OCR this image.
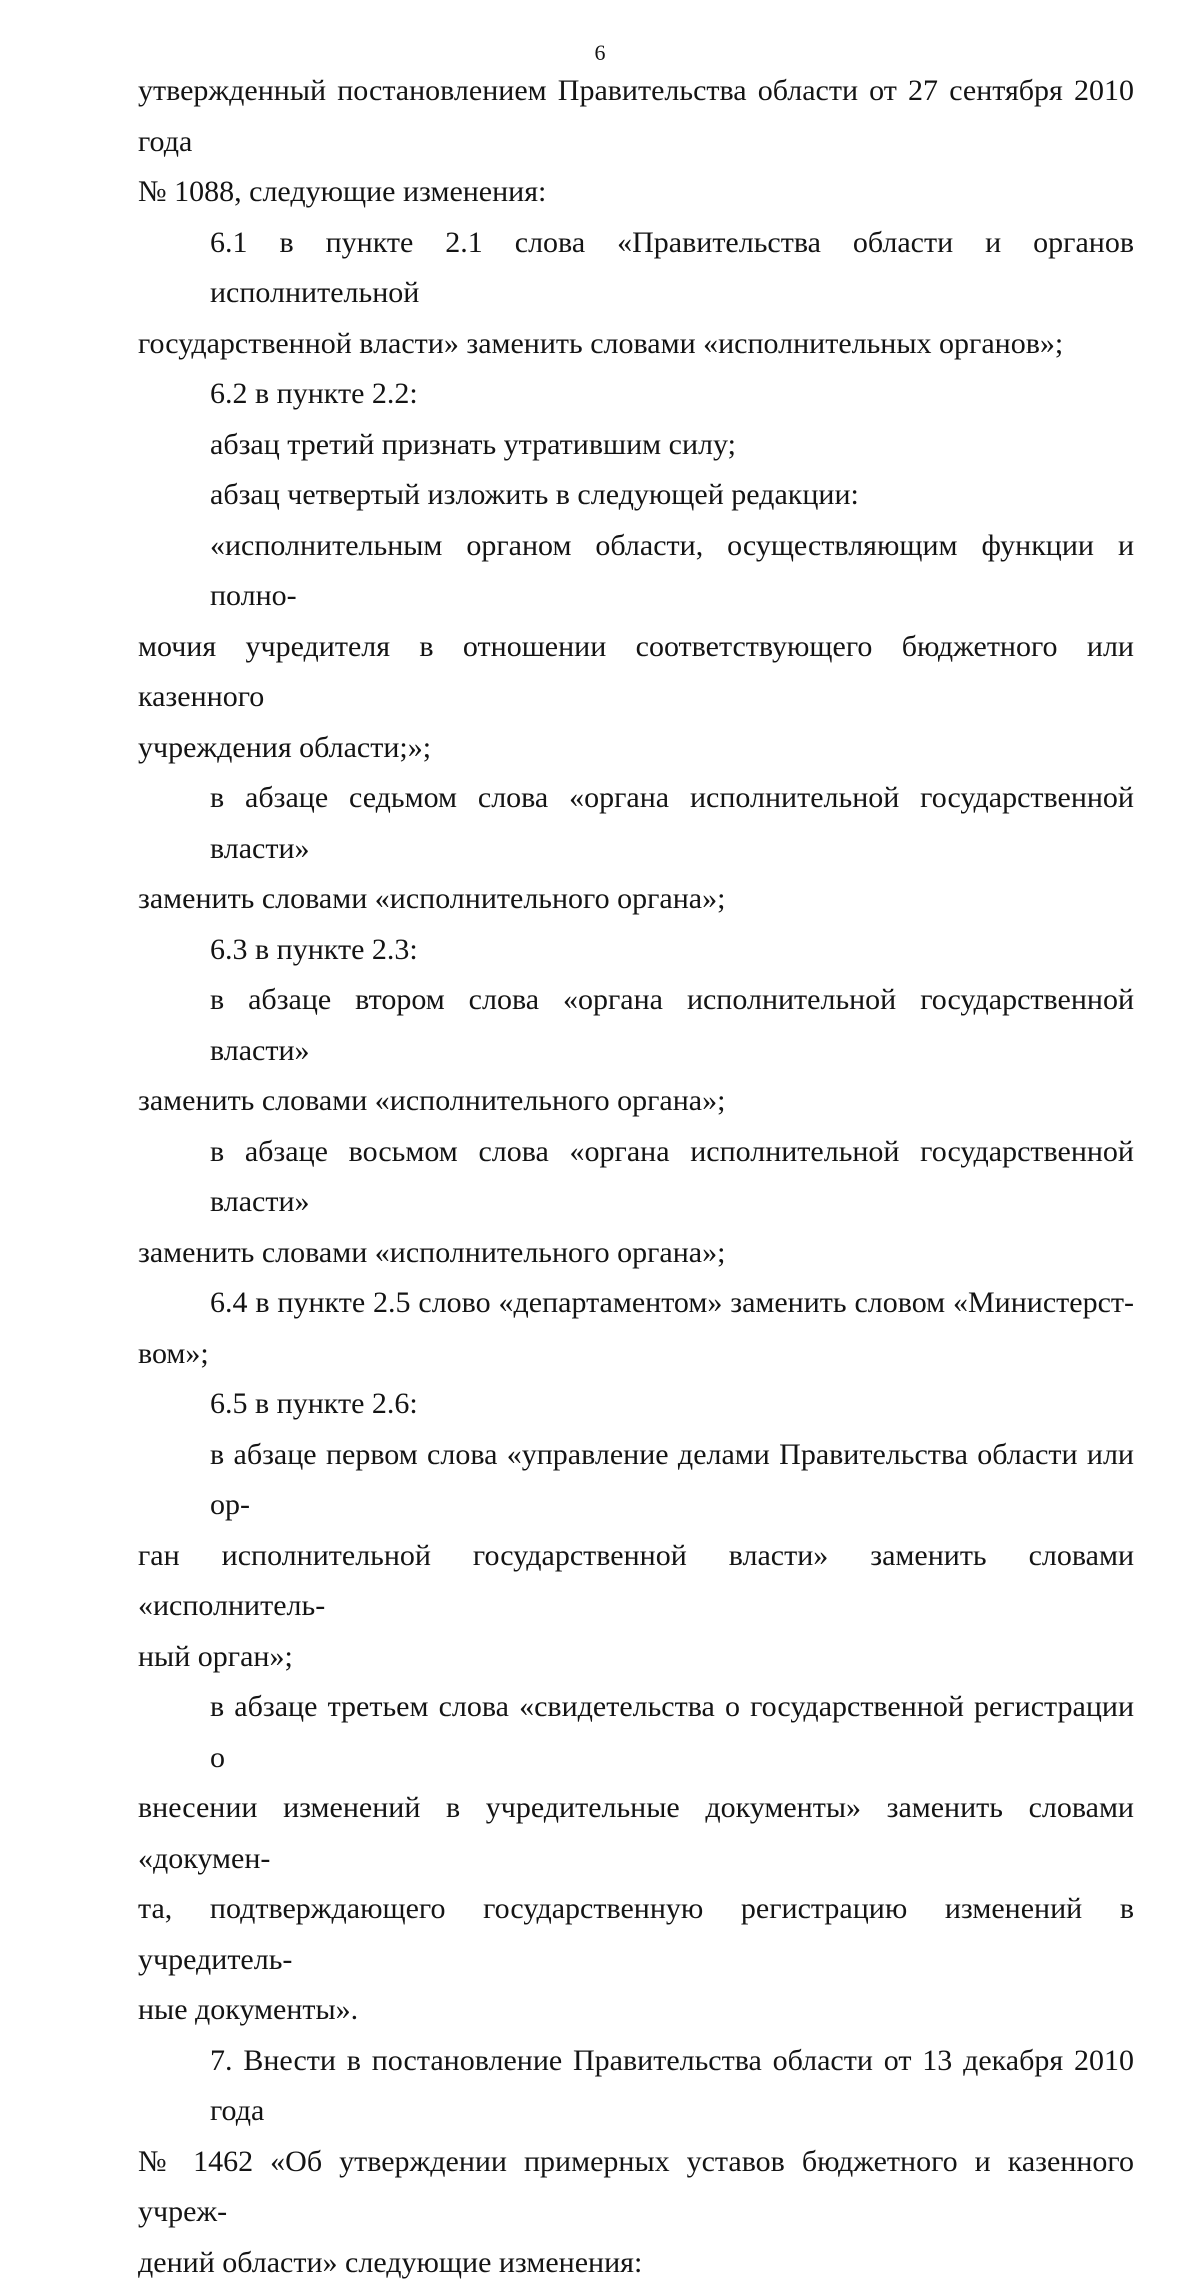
6

утвержденный постановлением Правительства области от 27 сентября 2010 года
№ 1088, следующие изменения:

6.1 в пункте 2.1 слова «Правительства области и органов исполнительной
государственной власти» заменить словами «исполнительных органов»;

6.2 в пункте 2.2:

абзац третий признать утратившим силу;

абзац четвертый изложить в следующей редакции:

«исполнительным органом области, осуществляющим функции и полно-
мочия учредителя в отношении соответствующего бюджетного или казенного
учреждения области;»;

в абзаце седьмом слова «органа исполнительной государственной власти»
заменить словами «исполнительного органа»;

6.3 в пункте 2.3:

в абзаце втором слова «органа исполнительной государственной власти»
заменить словами «исполнительного органа»;

в абзаце восьмом слова «органа исполнительной государственной власти»
заменить словами «исполнительного органа»;

6.4 в пункте 2.5 слово «департаментом» заменить словом «Министерст-
вом»;

6.5 в пункте 2.6:

в абзаце первом слова «управление делами Правительства области или ор-
ган исполнительной государственной власти» заменить словами «исполнитель-
ный орган»;

в абзаце третьем слова «свидетельства о государственной регистрации о
внесении изменений в учредительные документы» заменить словами «докумен-
та, подтверждающего государственную регистрацию изменений в учредитель-
ные документы».

7. Внести в постановление Правительства области от 13 декабря 2010 года
№ 1462 «Об утверждении примерных уставов бюджетного и казенного учреж-
дений области» следующие изменения:
